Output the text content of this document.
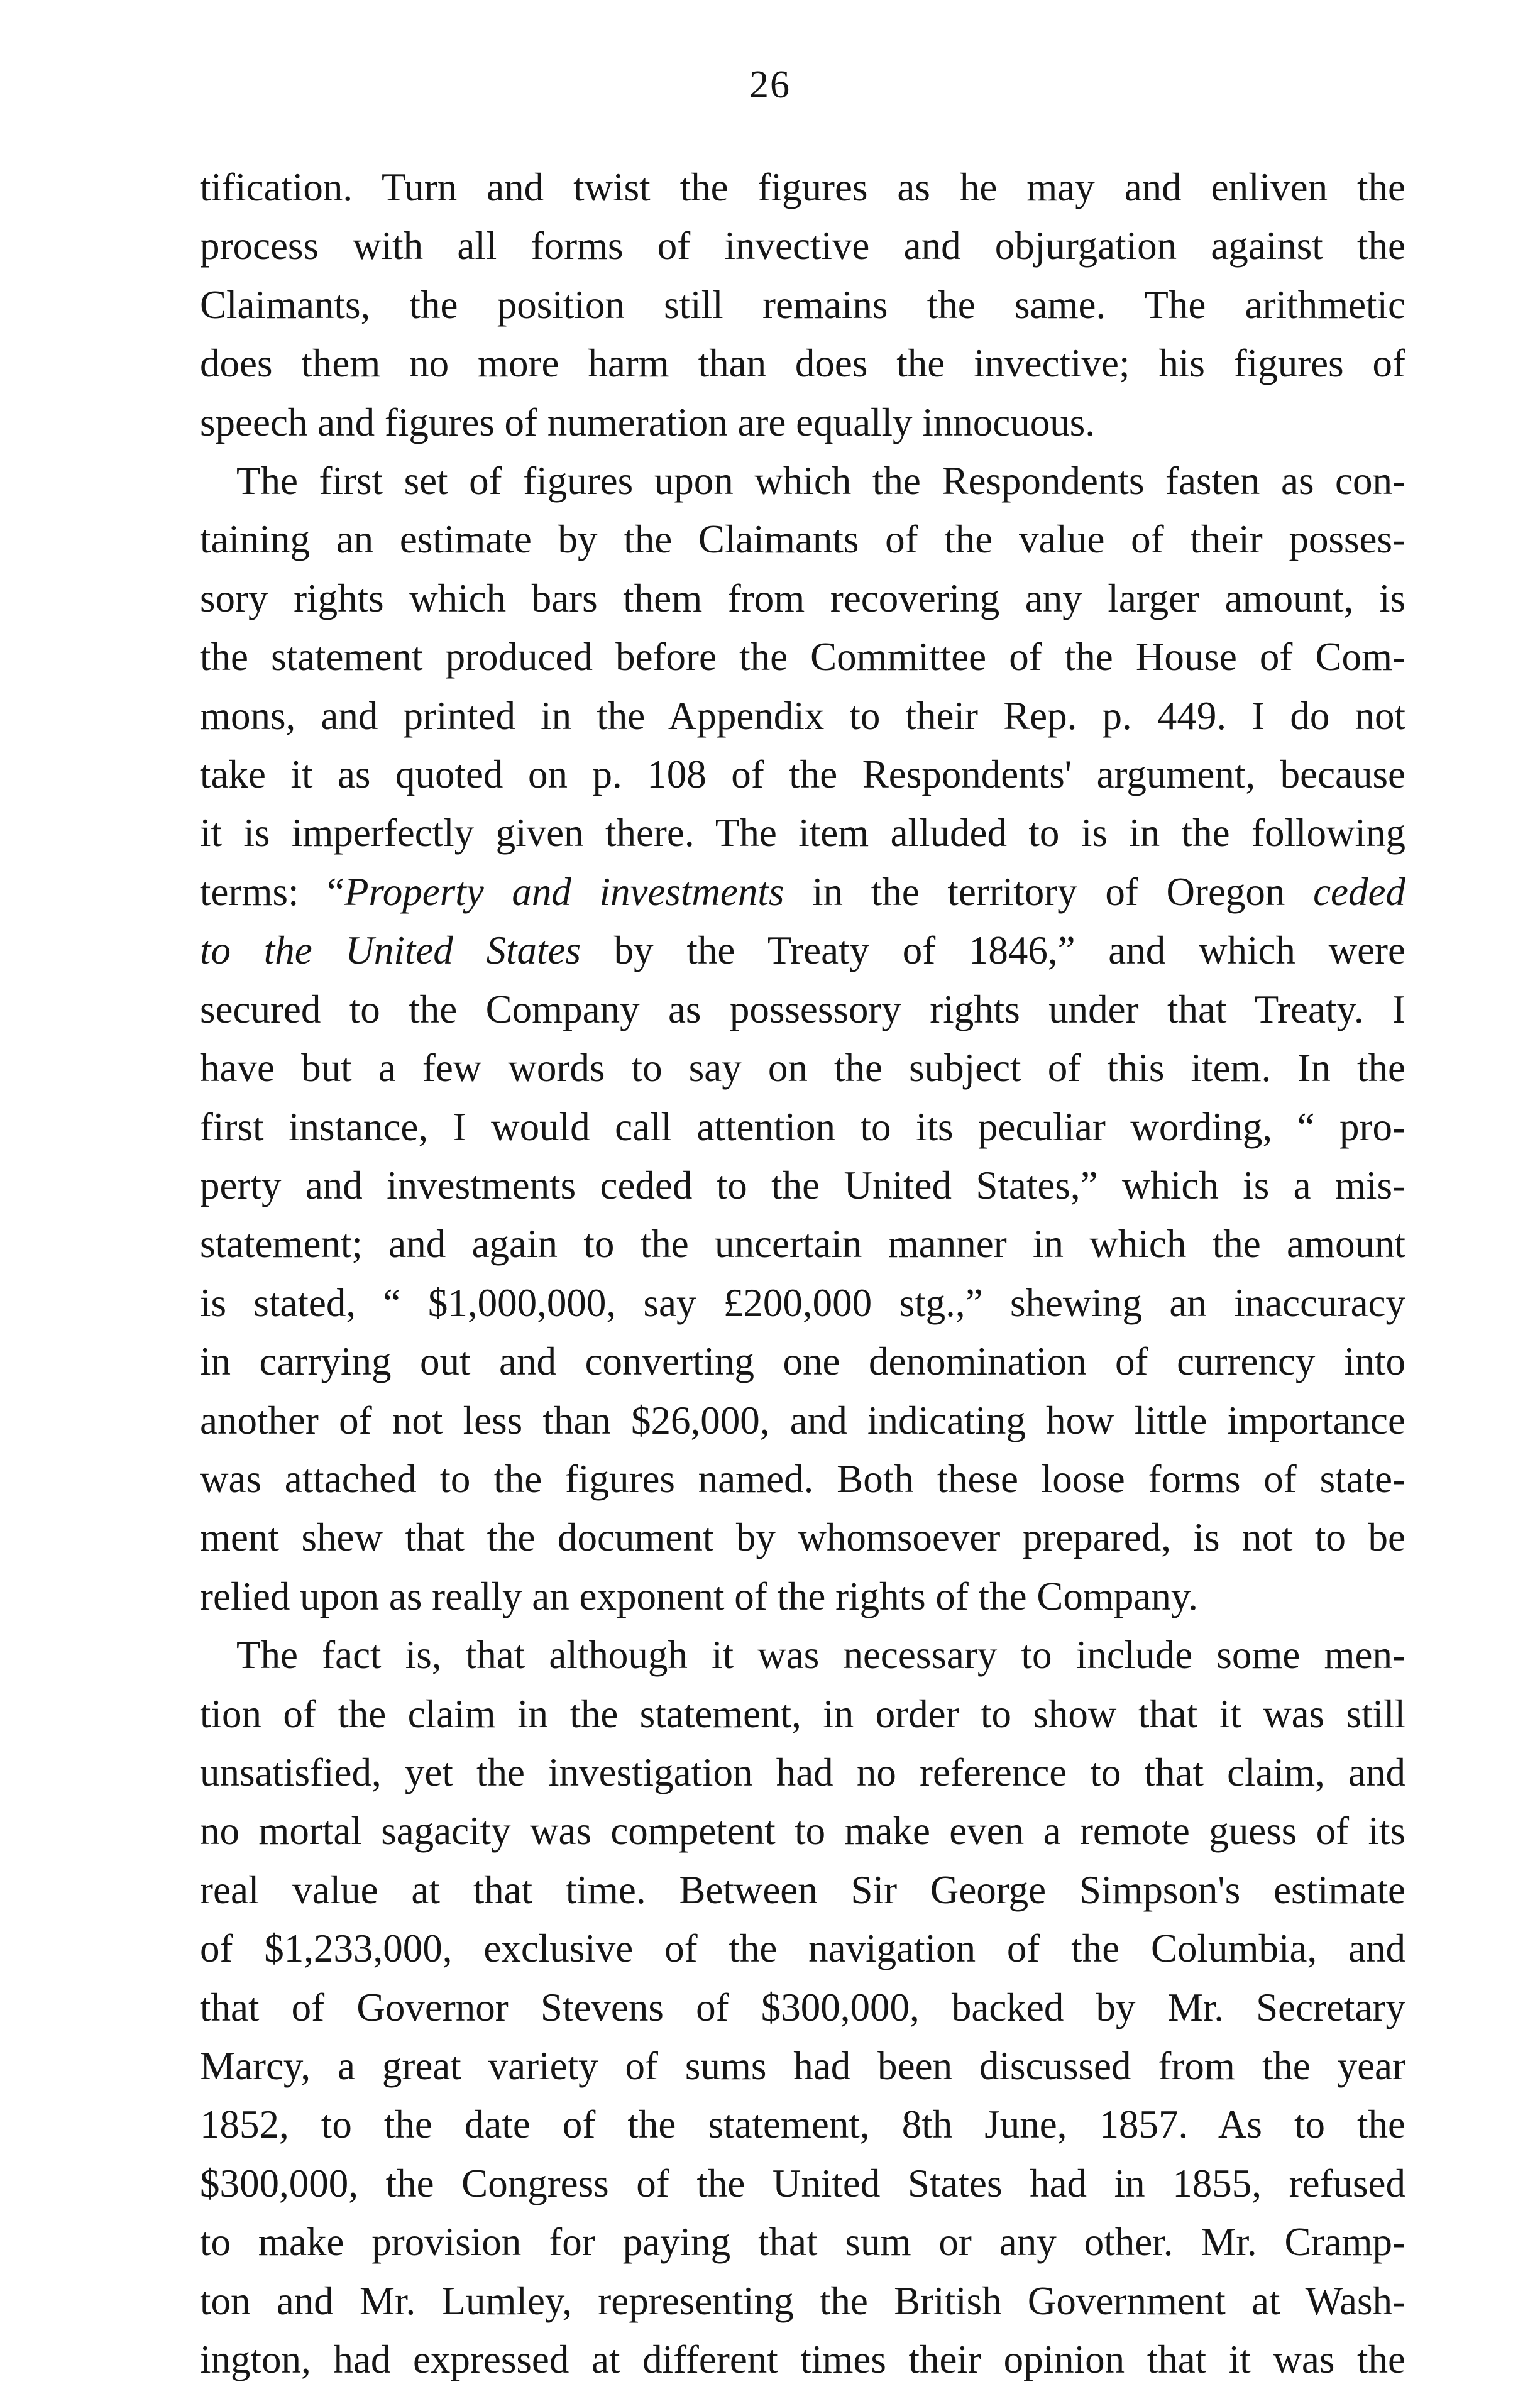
26
tification. Turn and twist the figures as he may and enliven the
process with all forms of invective and objurgation against the
Claimants, the position still remains the same. The arithmetic
does them no more harm than does the invective; his figures of
speech and figures of numeration are equally innocuous.
The first set of figures upon which the Respondents fasten as con-
taining an estimate by the Claimants of the value of their posses-
sory rights which bars them from recovering any larger amount, is
the statement produced before the Committee of the House of Com-
mons, and printed in the Appendix to their Rep. p. 449. I do not
take it as quoted on p. 108 of the Respondents' argument, because
it is imperfectly given there. The item alluded to is in the following
terms: “Property and investments in the territory of Oregon ceded
to the United States by the Treaty of 1846,” and which were
secured to the Company as possessory rights under that Treaty. I
have but a few words to say on the subject of this item. In the
first instance, I would call attention to its peculiar wording, “ pro-
perty and investments ceded to the United States,” which is a mis-
statement; and again to the uncertain manner in which the amount
is stated, “ $1,000,000, say £200,000 stg.,” shewing an inaccuracy
in carrying out and converting one denomination of currency into
another of not less than $26,000, and indicating how little importance
was attached to the figures named. Both these loose forms of state-
ment shew that the document by whomsoever prepared, is not to be
relied upon as really an exponent of the rights of the Company.
The fact is, that although it was necessary to include some men-
tion of the claim in the statement, in order to show that it was still
unsatisfied, yet the investigation had no reference to that claim, and
no mortal sagacity was competent to make even a remote guess of its
real value at that time. Between Sir George Simpson's estimate
of $1,233,000, exclusive of the navigation of the Columbia, and
that of Governor Stevens of $300,000, backed by Mr. Secretary
Marcy, a great variety of sums had been discussed from the year
1852, to the date of the statement, 8th June, 1857. As to the
$300,000, the Congress of the United States had in 1855, refused
to make provision for paying that sum or any other. Mr. Cramp-
ton and Mr. Lumley, representing the British Government at Wash-
ington, had expressed at different times their opinion that it was the
